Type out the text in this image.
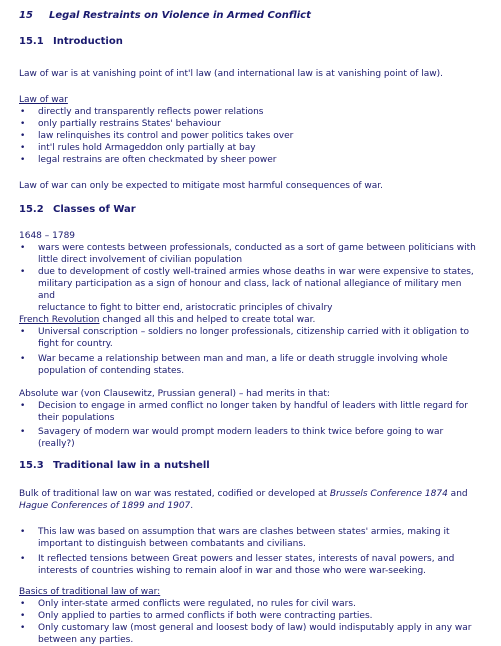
15 Legal Restraints on Violence in Armed Conflict
15.1 Introduction

Law of war is at vanishing point of int'l law (and international law is at vanishing point of law).

Law of war

• directly and transparently reflects power relations
• only partially restrains States' behaviour
• law relinquishes its control and power politics takes over
• int'l rules hold Armageddon only partially at bay
• legal restrains are often checkmated by sheer power

Law of war can only be expected to mitigate most harmful consequences of war.

15.2 Classes of War

1648 – 1789

• wars were contests between professionals, conducted as a sort of game between politicians with
little direct involvement of civilian population
• due to development of costly well-trained armies whose deaths in war were expensive to states,
military participation as a sign of honour and class, lack of national allegiance of military men and
reluctance to fight to bitter end, aristocratic principles of chivalry

French Revolution changed all this and helped to create total war.

• Universal conscription – soldiers no longer professionals, citizenship carried with it obligation to
fight for country.
• War became a relationship between man and man, a life or death struggle involving whole
population of contending states.

Absolute war (von Clausewitz, Prussian general) – had merits in that:

• Decision to engage in armed conflict no longer taken by handful of leaders with little regard for
their populations
• Savagery of modern war would prompt modern leaders to think twice before going to war
(really?)
15.3 Traditional law in a nutshell

Bulk of traditional law on war was restated, codified or developed at Brussels Conference 1874 and
Hague Conferences of 1899 and 1907.

• This law was based on assumption that wars are clashes between states' armies, making it
important to distinguish between combatants and civilians.
• It reflected tensions between Great powers and lesser states, interests of naval powers, and
interests of countries wishing to remain aloof in war and those who were war-seeking.

Basics of traditional law of war:

• Only inter-state armed conflicts were regulated, no rules for civil wars.
• Only applied to parties to armed conflicts if both were contracting parties.
• Only customary law (most general and loosest body of law) would indisputably apply in any war
between any parties.
